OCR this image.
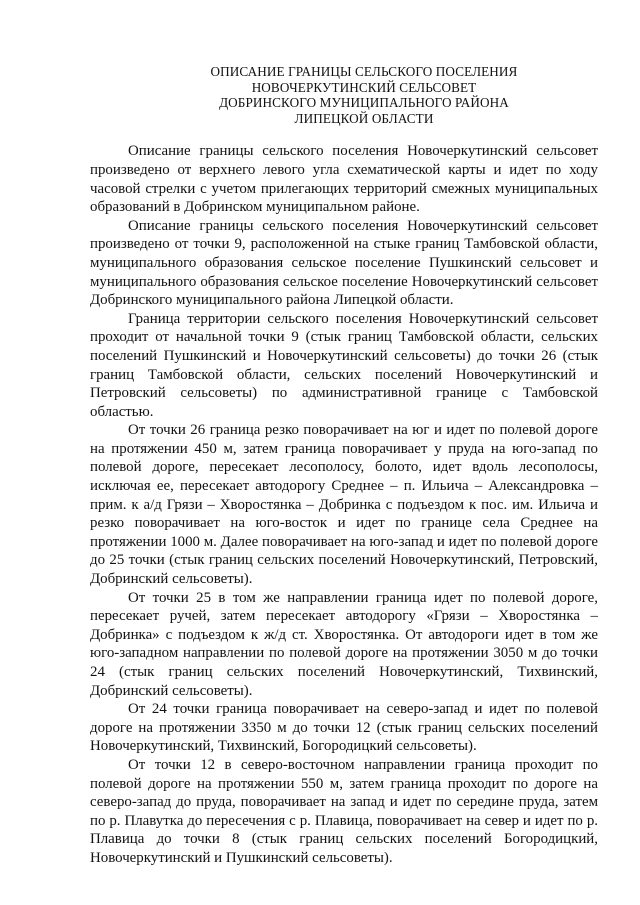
ОПИСАНИЕ ГРАНИЦЫ СЕЛЬСКОГО ПОСЕЛЕНИЯ
НОВОЧЕРКУТИНСКИЙ СЕЛЬСОВЕТ
ДОБРИНСКОГО МУНИЦИПАЛЬНОГО РАЙОНА
ЛИПЕЦКОЙ ОБЛАСТИ

Описание границы сельского поселения Новочеркутинский сельсовет произведено от верхнего левого угла схематической карты и идет по ходу часовой стрелки с учетом прилегающих территорий смежных муниципальных образований в Добринском муниципальном районе.

Описание границы сельского поселения Новочеркутинский сельсовет произведено от точки 9, расположенной на стыке границ Тамбовской области, муниципального образования сельское поселение Пушкинский сельсовет и муниципального образования сельское поселение Новочеркутинский сельсовет Добринского муниципального района Липецкой области.

Граница территории сельского поселения Новочеркутинский сельсовет проходит от начальной точки 9 (стык границ Тамбовской области, сельских поселений Пушкинский и Новочеркутинский сельсоветы) до точки 26 (стык границ Тамбовской области, сельских поселений Новочеркутинский и Петровский сельсоветы) по административной границе с Тамбовской областью.

От точки 26 граница резко поворачивает на юг и идет по полевой дороге на протяжении 450 м, затем граница поворачивает у пруда на юго-запад по полевой дороге, пересекает лесополосу, болото, идет вдоль лесополосы, исключая ее, пересекает автодорогу Среднее – п. Ильича – Александровка – прим. к а/д Грязи – Хворостянка – Добринка с подъездом к пос. им. Ильича и резко поворачивает на юго-восток и идет по границе села Среднее на протяжении 1000 м. Далее поворачивает на юго-запад и идет по полевой дороге до 25 точки (стык границ сельских поселений Новочеркутинский, Петровский, Добринский сельсоветы).

От точки 25 в том же направлении граница идет по полевой дороге, пересекает ручей, затем пересекает автодорогу «Грязи – Хворостянка – Добринка» с подъездом к ж/д ст. Хворостянка. От автодороги идет в том же юго-западном направлении по полевой дороге на протяжении 3050 м до точки 24 (стык границ сельских поселений Новочеркутинский, Тихвинский, Добринский сельсоветы).

От 24 точки граница поворачивает на северо-запад и идет по полевой дороге на протяжении 3350 м до точки 12 (стык границ сельских поселений Новочеркутинский, Тихвинский, Богородицкий сельсоветы).

От точки 12 в северо-восточном направлении граница проходит по полевой дороге на протяжении 550 м, затем граница проходит по дороге на северо-запад до пруда, поворачивает на запад и идет по середине пруда, затем по р. Плавутка до пересечения с р. Плавица, поворачивает на север и идет по р. Плавица до точки 8 (стык границ сельских поселений Богородицкий, Новочеркутинский и Пушкинский сельсоветы).
